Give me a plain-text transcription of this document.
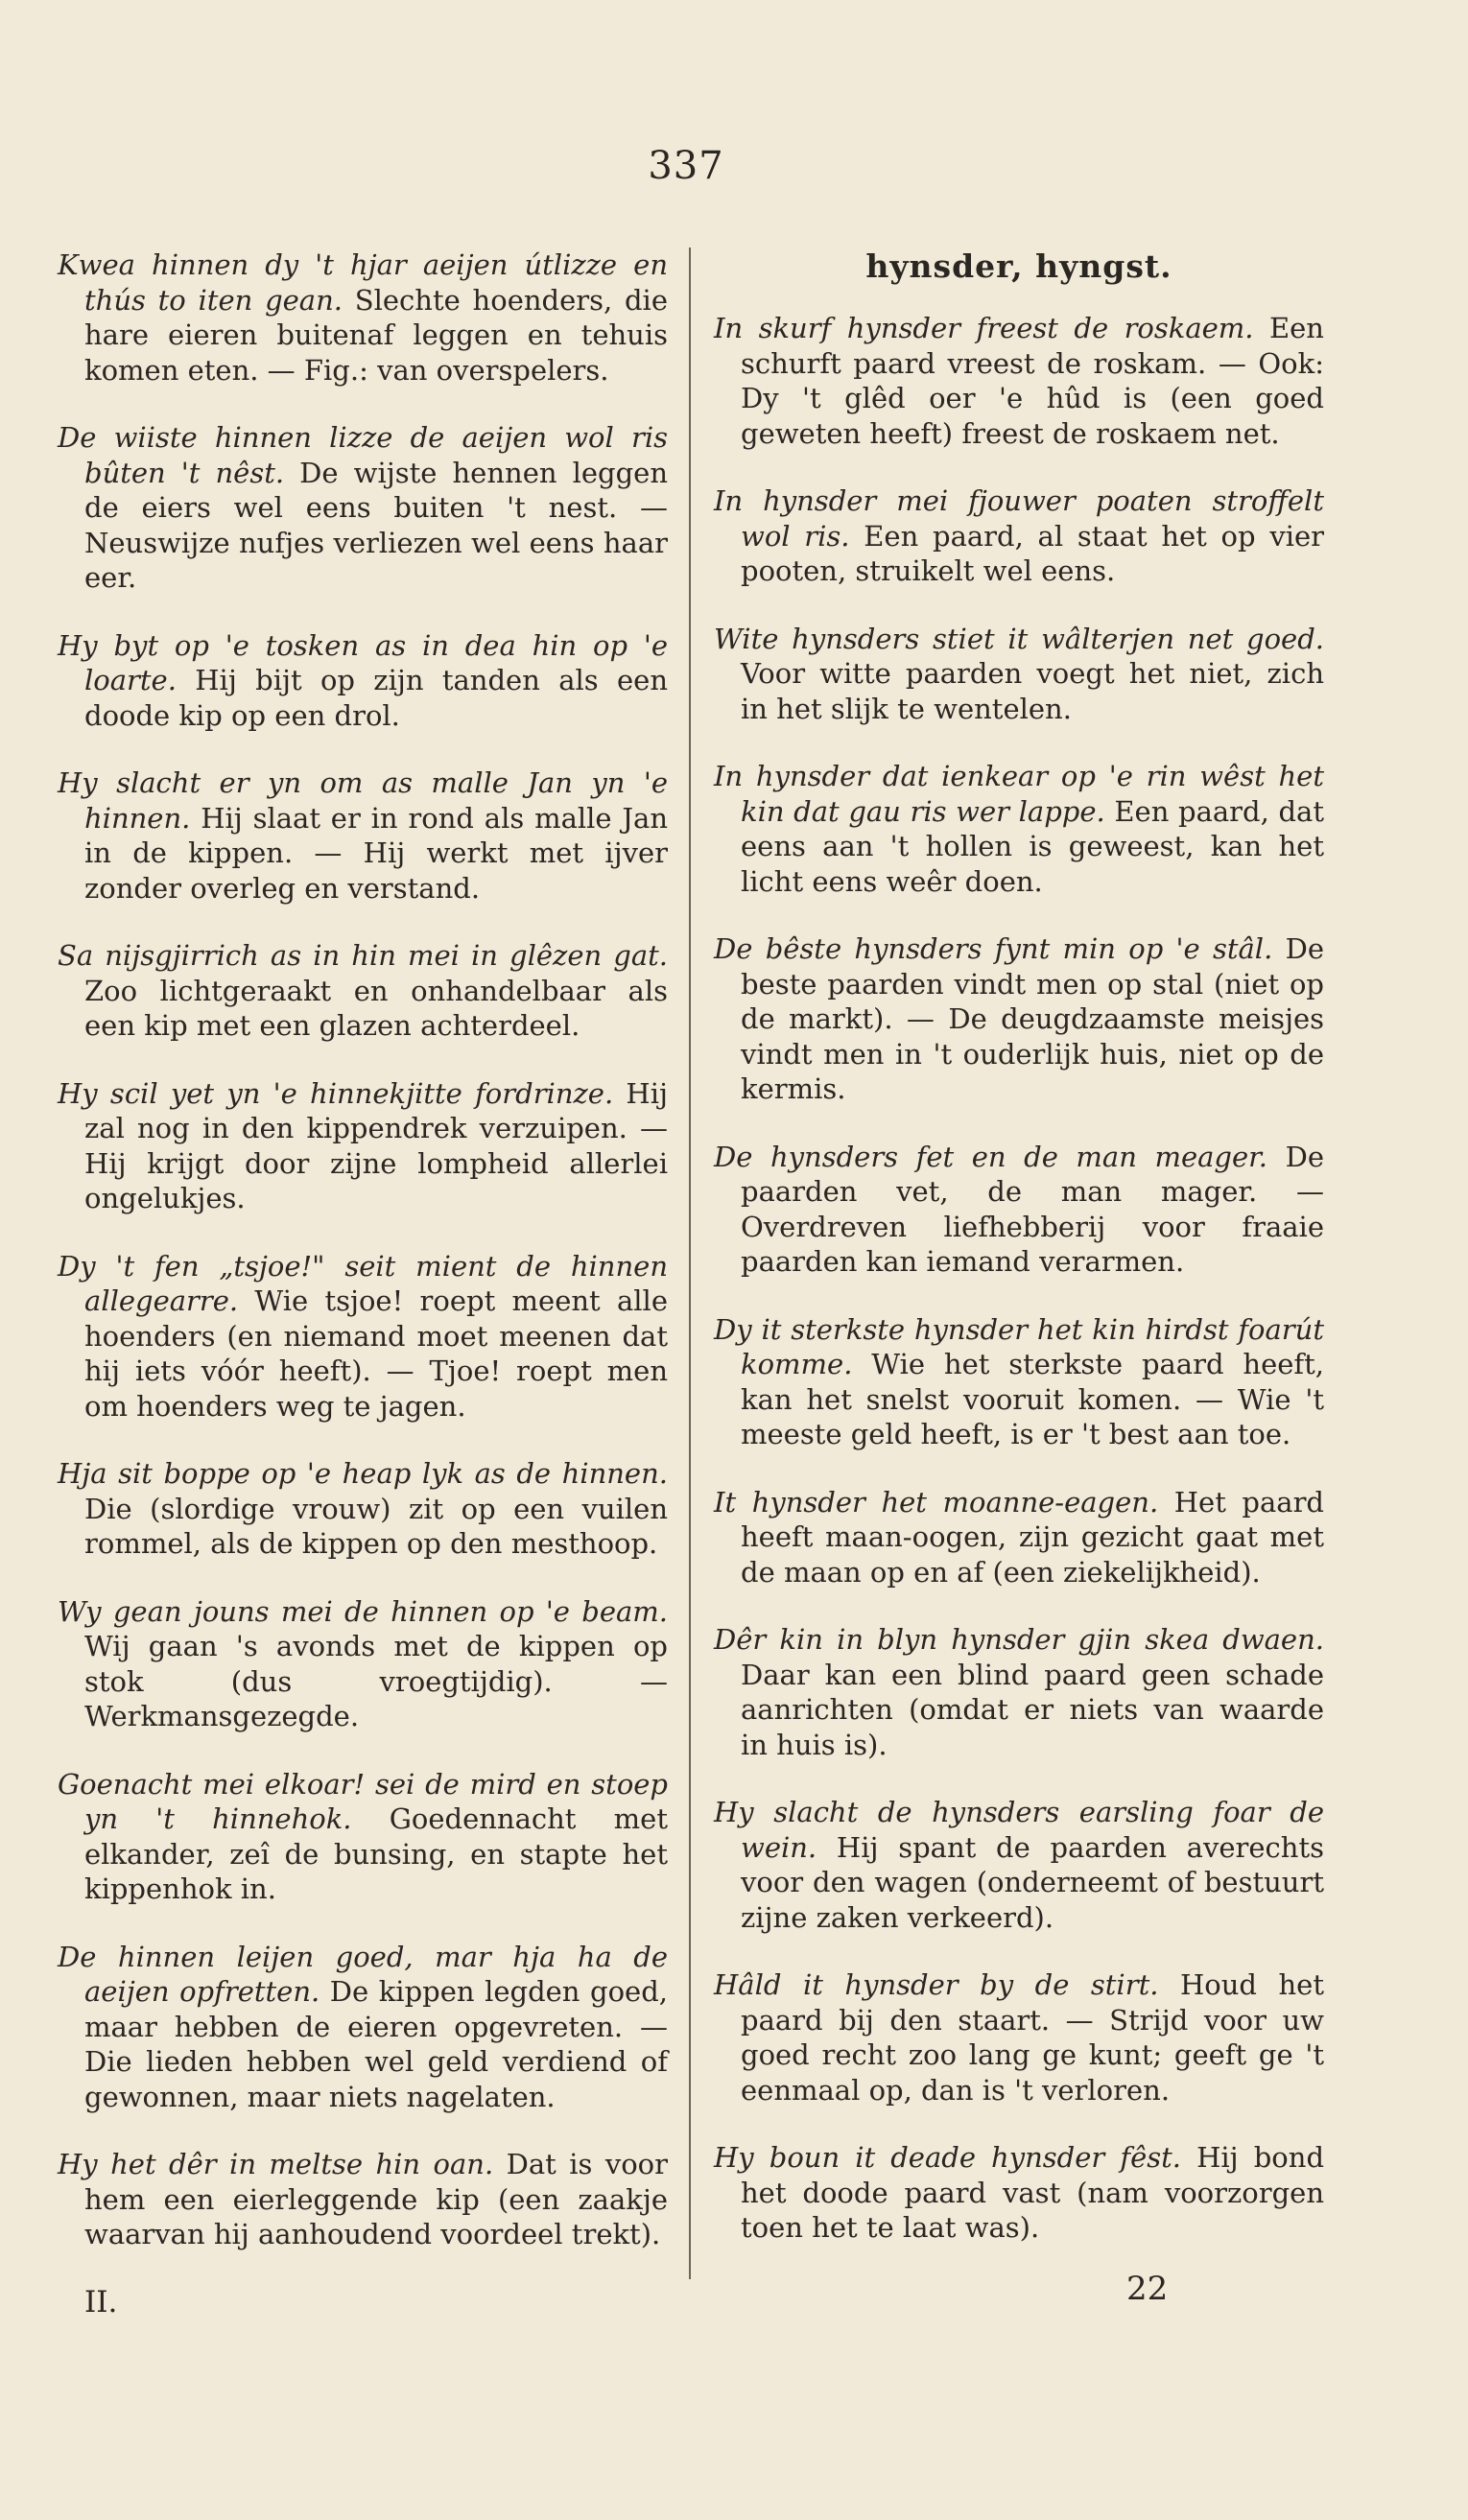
337
Kwea hinnen dy 't hjar aeijen útlizze en thús to iten gean. Slechte hoenders, die hare eieren buitenaf leggen en tehuis komen eten. — Fig.: van overspelers.
De wiiste hinnen lizze de aeijen wol ris bûten 't nêst. De wijste hennen leggen de eiers wel eens buiten 't nest. — Neuswijze nufjes verliezen wel eens haar eer.
Hy byt op 'e tosken as in dea hin op 'e loarte. Hij bijt op zijn tanden als een doode kip op een drol.
Hy slacht er yn om as malle Jan yn 'e hinnen. Hij slaat er in rond als malle Jan in de kippen. — Hij werkt met ijver zonder overleg en verstand.
Sa nijsgjirrich as in hin mei in glêzen gat. Zoo lichtgeraakt en onhandelbaar als een kip met een glazen achterdeel.
Hy scil yet yn 'e hinnekjitte fordrinze. Hij zal nog in den kippendrek verzuipen. — Hij krijgt door zijne lompheid allerlei ongelukjes.
Dy 't fen „tsjoe!" seit mient de hinnen allegearre. Wie tsjoe! roept meent alle hoenders (en niemand moet meenen dat hij iets vóór heeft). — Tjoe! roept men om hoenders weg te jagen.
Hja sit boppe op 'e heap lyk as de hinnen. Die (slordige vrouw) zit op een vuilen rommel, als de kippen op den mesthoop.
Wy gean jouns mei de hinnen op 'e beam. Wij gaan 's avonds met de kippen op stok (dus vroegtijdig). — Werkmansgezegde.
Goenacht mei elkoar! sei de mird en stoep yn 't hinnehok. Goedennacht met elkander, zeî de bunsing, en stapte het kippenhok in.
De hinnen leijen goed, mar hja ha de aeijen opfretten. De kippen legden goed, maar hebben de eieren opgevreten. — Die lieden hebben wel geld verdiend of gewonnen, maar niets nagelaten.
Hy het dêr in meltse hin oan. Dat is voor hem een eierleggende kip (een zaakje waarvan hij aanhoudend voordeel trekt).
hynsder, hyngst.
In skurf hynsder freest de roskaem. Een schurft paard vreest de roskam. — Ook: Dy 't glêd oer 'e hûd is (een goed geweten heeft) freest de roskaem net.
In hynsder mei fjouwer poaten stroffelt wol ris. Een paard, al staat het op vier pooten, struikelt wel eens.
Wite hynsders stiet it wâlterjen net goed. Voor witte paarden voegt het niet, zich in het slijk te wentelen.
In hynsder dat ienkear op 'e rin wêst het kin dat gau ris wer lappe. Een paard, dat eens aan 't hollen is geweest, kan het licht eens weêr doen.
De bêste hynsders fynt min op 'e stâl. De beste paarden vindt men op stal (niet op de markt). — De deugdzaamste meisjes vindt men in 't ouderlijk huis, niet op de kermis.
De hynsders fet en de man meager. De paarden vet, de man mager. — Overdreven liefhebberij voor fraaie paarden kan iemand verarmen.
Dy it sterkste hynsder het kin hirdst foarút komme. Wie het sterkste paard heeft, kan het snelst vooruit komen. — Wie 't meeste geld heeft, is er 't best aan toe.
It hynsder het moanne-eagen. Het paard heeft maan-oogen, zijn gezicht gaat met de maan op en af (een ziekelijkheid).
Dêr kin in blyn hynsder gjin skea dwaen. Daar kan een blind paard geen schade aanrichten (omdat er niets van waarde in huis is).
Hy slacht de hynsders earsling foar de wein. Hij spant de paarden averechts voor den wagen (onderneemt of bestuurt zijne zaken verkeerd).
Hâld it hynsder by de stirt. Houd het paard bij den staart. — Strijd voor uw goed recht zoo lang ge kunt; geeft ge 't eenmaal op, dan is 't verloren.
Hy boun it deade hynsder fêst. Hij bond het doode paard vast (nam voorzorgen toen het te laat was).
II.	22
